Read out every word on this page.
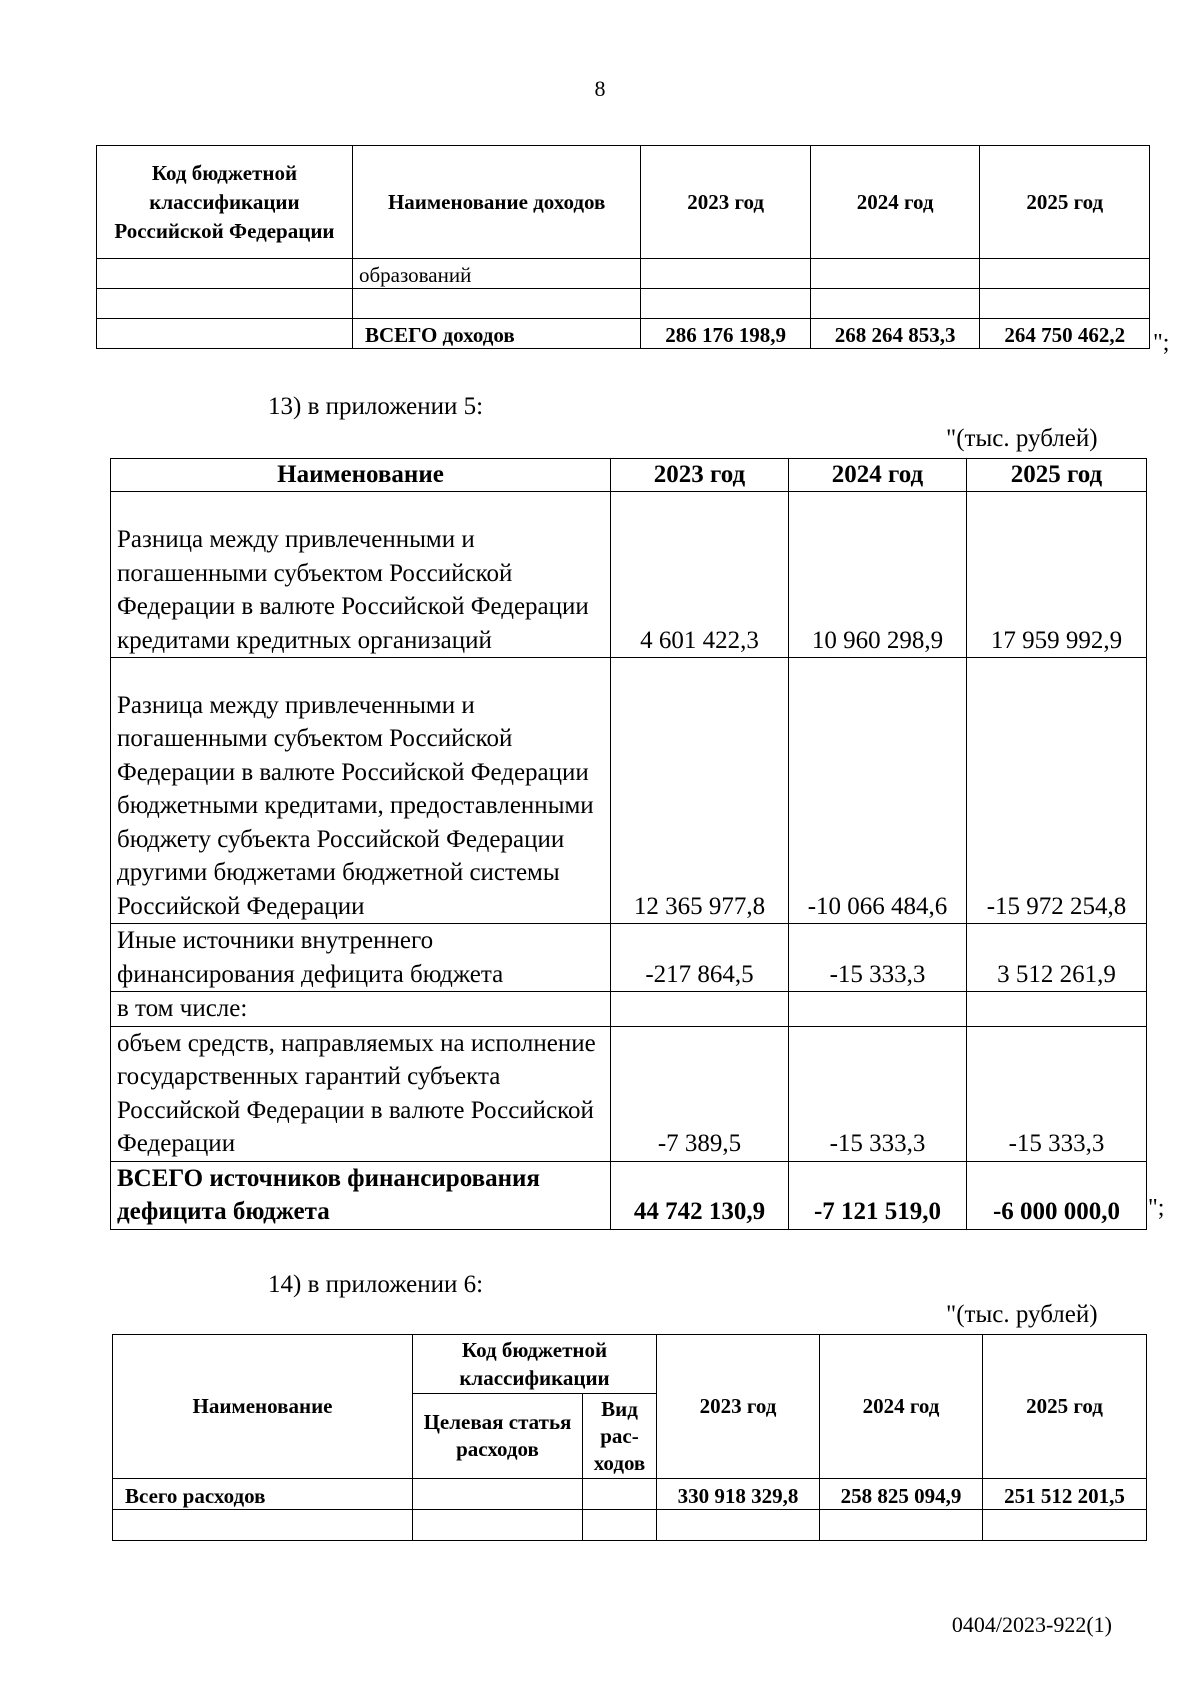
8
Код бюджетной классификации Российской Федерации	Наименование доходов	2023 год	2024 год	2025 год
	образований			

	ВСЕГО доходов	286 176 198,9	268 264 853,3	264 750 462,2 ";
13) в приложении 5:
"(тыс. рублей)
Наименование	2023 год	2024 год	2025 год
Разница между привлеченными и погашенными субъектом Российской Федерации в валюте Российской Федерации кредитами кредитных организаций	4 601 422,3	10 960 298,9	17 959 992,9
Разница между привлеченными и погашенными субъектом Российской Федерации в валюте Российской Федерации бюджетными кредитами, предоставленными бюджету субъекта Российской Федерации другими бюджетами бюджетной системы Российской Федерации	12 365 977,8	-10 066 484,6	-15 972 254,8
Иные источники внутреннего финансирования дефицита бюджета	-217 864,5	-15 333,3	3 512 261,9
в том числе:			
объем средств, направляемых на исполнение государственных гарантий субъекта Российской Федерации в валюте Российской Федерации	-7 389,5	-15 333,3	-15 333,3
ВСЕГО источников финансирования дефицита бюджета	44 742 130,9	-7 121 519,0	-6 000 000,0 ";
14) в приложении 6:
"(тыс. рублей)
Наименование	Код бюджетной классификации		2023 год	2024 год	2025 год
	Целевая статья расходов	Вид рас- ходов			
Всего расходов			330 918 329,8	258 825 094,9	251 512 201,5

0404/2023-922(1)
